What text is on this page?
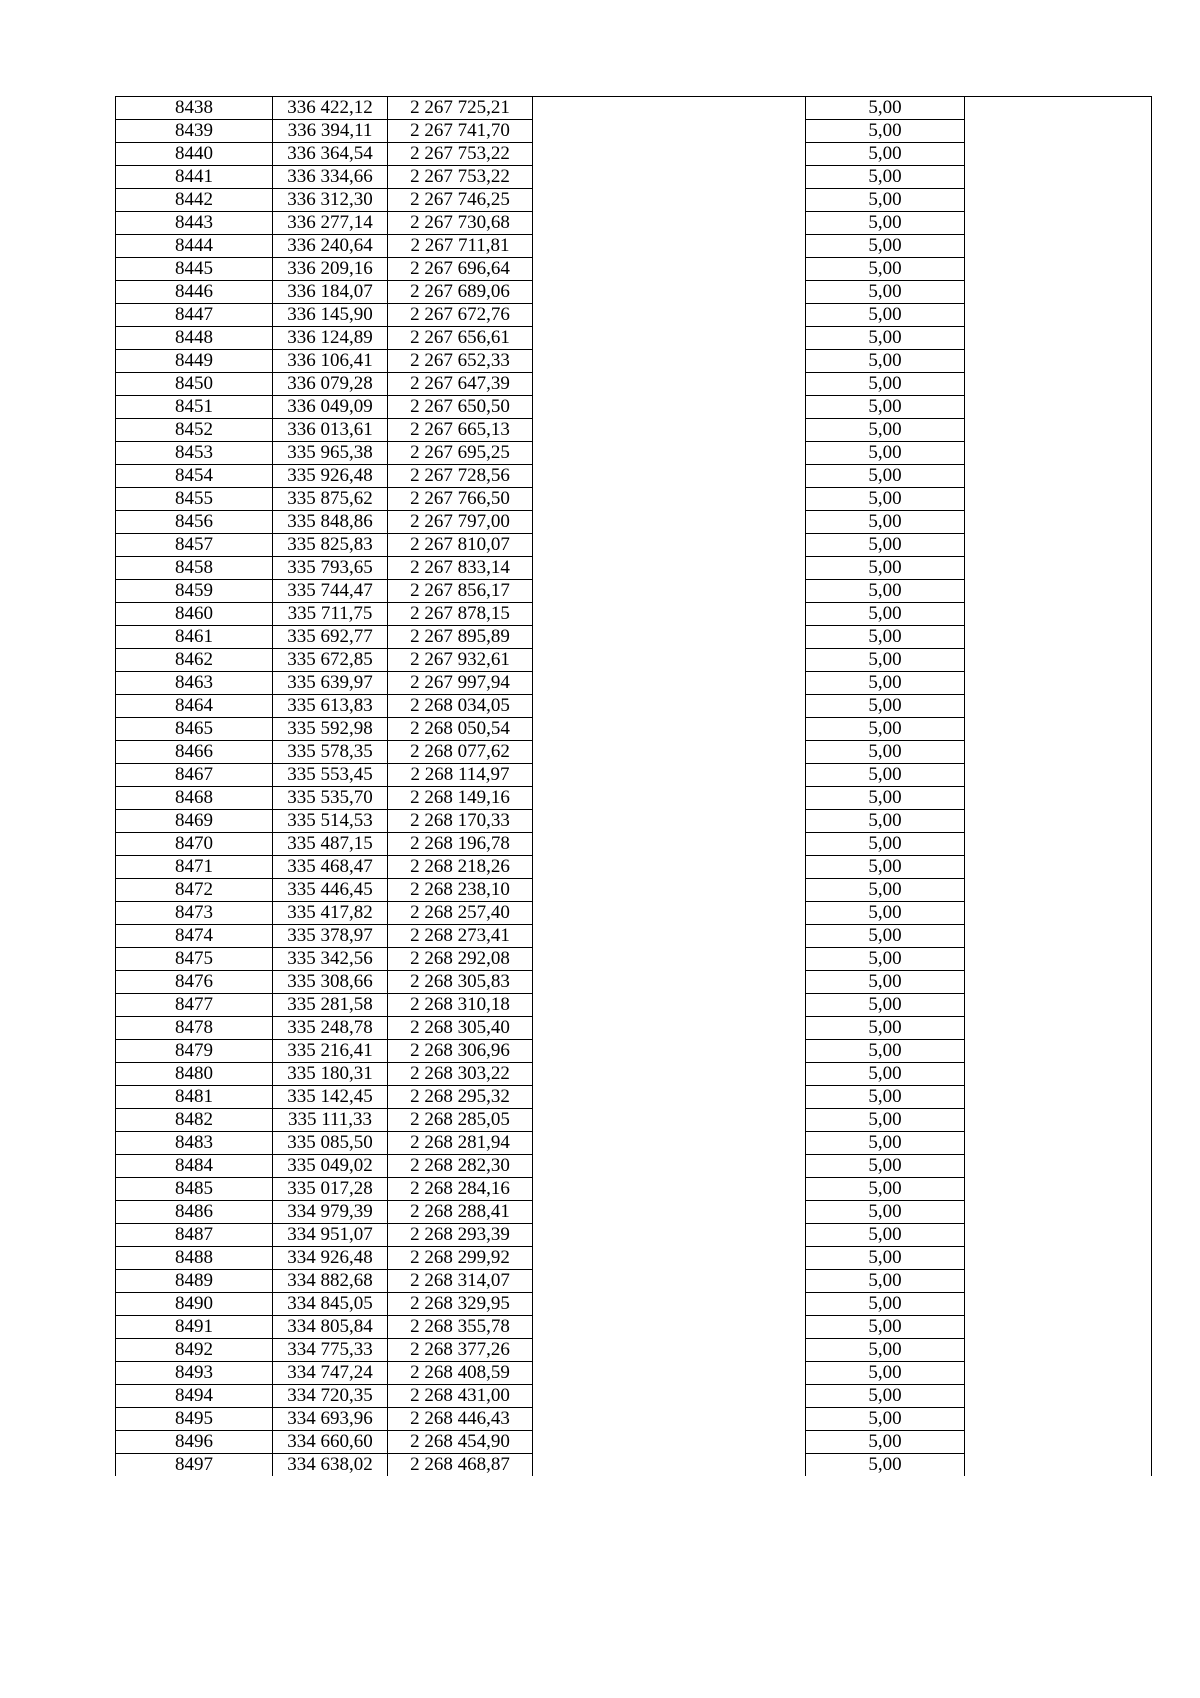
8438	336 422,12	2 267 725,21		5,00	
8439	336 394,11	2 267 741,70		5,00	
8440	336 364,54	2 267 753,22		5,00	
8441	336 334,66	2 267 753,22		5,00	
8442	336 312,30	2 267 746,25		5,00	
8443	336 277,14	2 267 730,68		5,00	
8444	336 240,64	2 267 711,81		5,00	
8445	336 209,16	2 267 696,64		5,00	
8446	336 184,07	2 267 689,06		5,00	
8447	336 145,90	2 267 672,76		5,00	
8448	336 124,89	2 267 656,61		5,00	
8449	336 106,41	2 267 652,33		5,00	
8450	336 079,28	2 267 647,39		5,00	
8451	336 049,09	2 267 650,50		5,00	
8452	336 013,61	2 267 665,13		5,00	
8453	335 965,38	2 267 695,25		5,00	
8454	335 926,48	2 267 728,56		5,00	
8455	335 875,62	2 267 766,50		5,00	
8456	335 848,86	2 267 797,00		5,00	
8457	335 825,83	2 267 810,07		5,00	
8458	335 793,65	2 267 833,14		5,00	
8459	335 744,47	2 267 856,17		5,00	
8460	335 711,75	2 267 878,15		5,00	
8461	335 692,77	2 267 895,89		5,00	
8462	335 672,85	2 267 932,61		5,00	
8463	335 639,97	2 267 997,94		5,00	
8464	335 613,83	2 268 034,05		5,00	
8465	335 592,98	2 268 050,54		5,00	
8466	335 578,35	2 268 077,62		5,00	
8467	335 553,45	2 268 114,97		5,00	
8468	335 535,70	2 268 149,16		5,00	
8469	335 514,53	2 268 170,33		5,00	
8470	335 487,15	2 268 196,78		5,00	
8471	335 468,47	2 268 218,26		5,00	
8472	335 446,45	2 268 238,10		5,00	
8473	335 417,82	2 268 257,40		5,00	
8474	335 378,97	2 268 273,41		5,00	
8475	335 342,56	2 268 292,08		5,00	
8476	335 308,66	2 268 305,83		5,00	
8477	335 281,58	2 268 310,18		5,00	
8478	335 248,78	2 268 305,40		5,00	
8479	335 216,41	2 268 306,96		5,00	
8480	335 180,31	2 268 303,22		5,00	
8481	335 142,45	2 268 295,32		5,00	
8482	335 111,33	2 268 285,05		5,00	
8483	335 085,50	2 268 281,94		5,00	
8484	335 049,02	2 268 282,30		5,00	
8485	335 017,28	2 268 284,16		5,00	
8486	334 979,39	2 268 288,41		5,00	
8487	334 951,07	2 268 293,39		5,00	
8488	334 926,48	2 268 299,92		5,00	
8489	334 882,68	2 268 314,07		5,00	
8490	334 845,05	2 268 329,95		5,00	
8491	334 805,84	2 268 355,78		5,00	
8492	334 775,33	2 268 377,26		5,00	
8493	334 747,24	2 268 408,59		5,00	
8494	334 720,35	2 268 431,00		5,00	
8495	334 693,96	2 268 446,43		5,00	
8496	334 660,60	2 268 454,90		5,00	
8497	334 638,02	2 268 468,87		5,00	
